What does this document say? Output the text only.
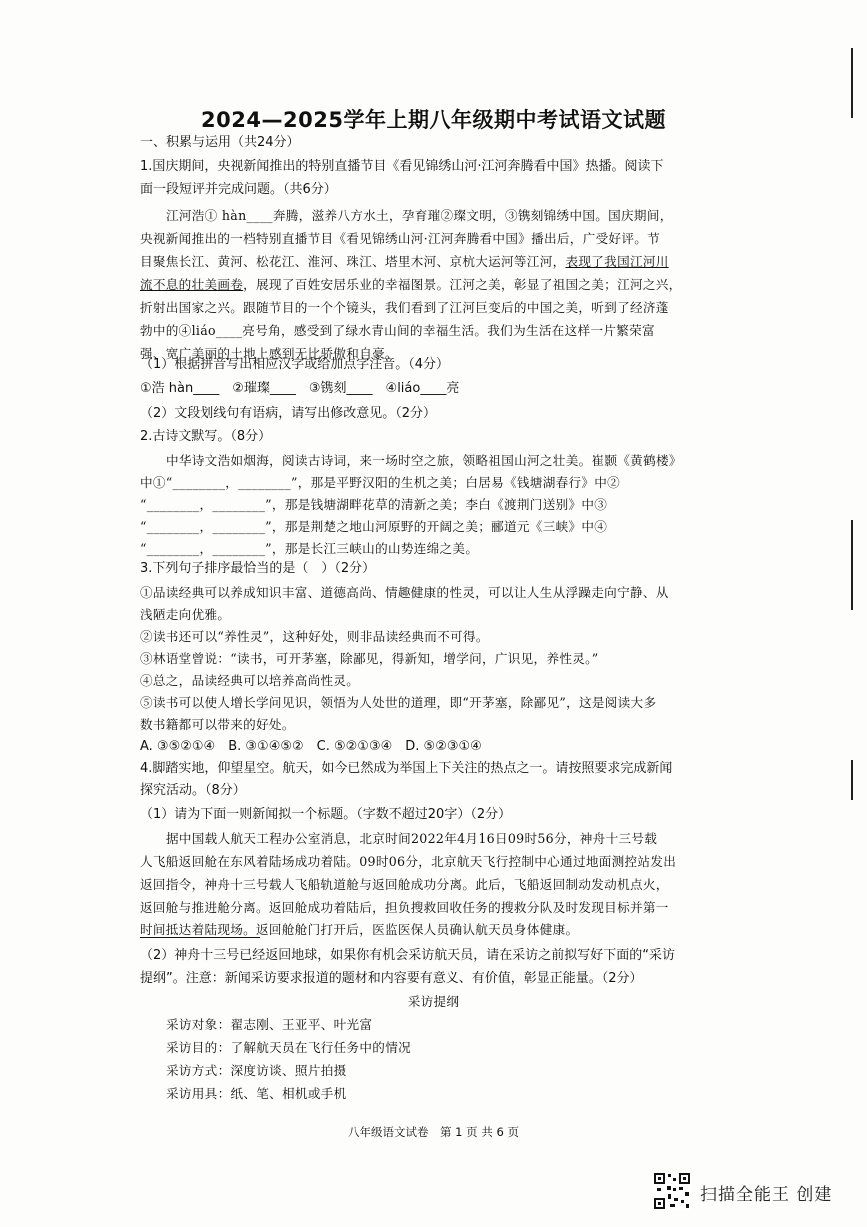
2024—2025学年上期八年级期中考试语文试题
一、积累与运用（共24分）
1.国庆期间，央视新闻推出的特别直播节目《看见锦绣山河·江河奔腾看中国》热播。阅读下
面一段短评并完成问题。（共6分）
江河浩① hàn____奔腾，滋养八方水土，孕育璀②璨文明，③镌刻锦绣中国。国庆期间，
央视新闻推出的一档特别直播节目《看见锦绣山河·江河奔腾看中国》播出后，广受好评。节
目聚焦长江、黄河、松花江、淮河、珠江、塔里木河、京杭大运河等江河，表现了我国江河川
流不息的壮美画卷，展现了百姓安居乐业的幸福图景。江河之美，彰显了祖国之美；江河之兴，
折射出国家之兴。跟随节目的一个个镜头，我们看到了江河巨变后的中国之美，听到了经济蓬
勃中的④liáo____亮号角，感受到了绿水青山间的幸福生活。我们为生活在这样一片繁荣富
强、宽广美丽的土地上感到无比骄傲和自豪。
（1）根据拼音写出相应汉字或给加点字注音。（4分）
①浩 hàn____　②璀璨____　③镌刻____　④liáo____亮
（2）文段划线句有语病，请写出修改意见。（2分）
2.古诗文默写。（8分）
中华诗文浩如烟海，阅读古诗词，来一场时空之旅，领略祖国山河之壮美。崔颢《黄鹤楼》
中①“________，________”，那是平野汉阳的生机之美；白居易《钱塘湖春行》中②
“________，________”，那是钱塘湖畔花草的清新之美；李白《渡荆门送别》中③
“________，________”，那是荆楚之地山河原野的开阔之美；郦道元《三峡》中④
“________，________”，那是长江三峡山的山势连绵之美。
3.下列句子排序最恰当的是（　）（2分）
①品读经典可以养成知识丰富、道德高尚、情趣健康的性灵，可以让人生从浮躁走向宁静、从
浅陋走向优雅。
②读书还可以“养性灵”，这种好处，则非品读经典而不可得。
③林语堂曾说：“读书，可开茅塞，除鄙见，得新知，增学问，广识见，养性灵。”
④总之，品读经典可以培养高尚性灵。
⑤读书可以使人增长学问见识，领悟为人处世的道理，即“开茅塞，除鄙见”，这是阅读大多
数书籍都可以带来的好处。
A. ③⑤②①④　B. ③①④⑤②　C. ⑤②①③④　D. ⑤②③①④
4.脚踏实地，仰望星空。航天，如今已然成为举国上下关注的热点之一。请按照要求完成新闻
探究活动。（8分）
（1）请为下面一则新闻拟一个标题。（字数不超过20字）（2分）
据中国载人航天工程办公室消息，北京时间2022年4月16日09时56分，神舟十三号载
人飞船返回舱在东风着陆场成功着陆。09时06分，北京航天飞行控制中心通过地面测控站发出
返回指令，神舟十三号载人飞船轨道舱与返回舱成功分离。此后，飞船返回制动发动机点火，
返回舱与推进舱分离。返回舱成功着陆后，担负搜救回收任务的搜救分队及时发现目标并第一
时间抵达着陆现场。返回舱舱门打开后，医监医保人员确认航天员身体健康。
（2）神舟十三号已经返回地球，如果你有机会采访航天员，请在采访之前拟写好下面的“采访
提纲”。注意：新闻采访要求报道的题材和内容要有意义、有价值，彰显正能量。（2分）
采访提纲
采访对象：翟志刚、王亚平、叶光富
采访目的：了解航天员在飞行任务中的情况
采访方式：深度访谈、照片拍摄
采访用具：纸、笔、相机或手机
八年级语文试卷　第 1 页 共 6 页
扫描全能王 创建
